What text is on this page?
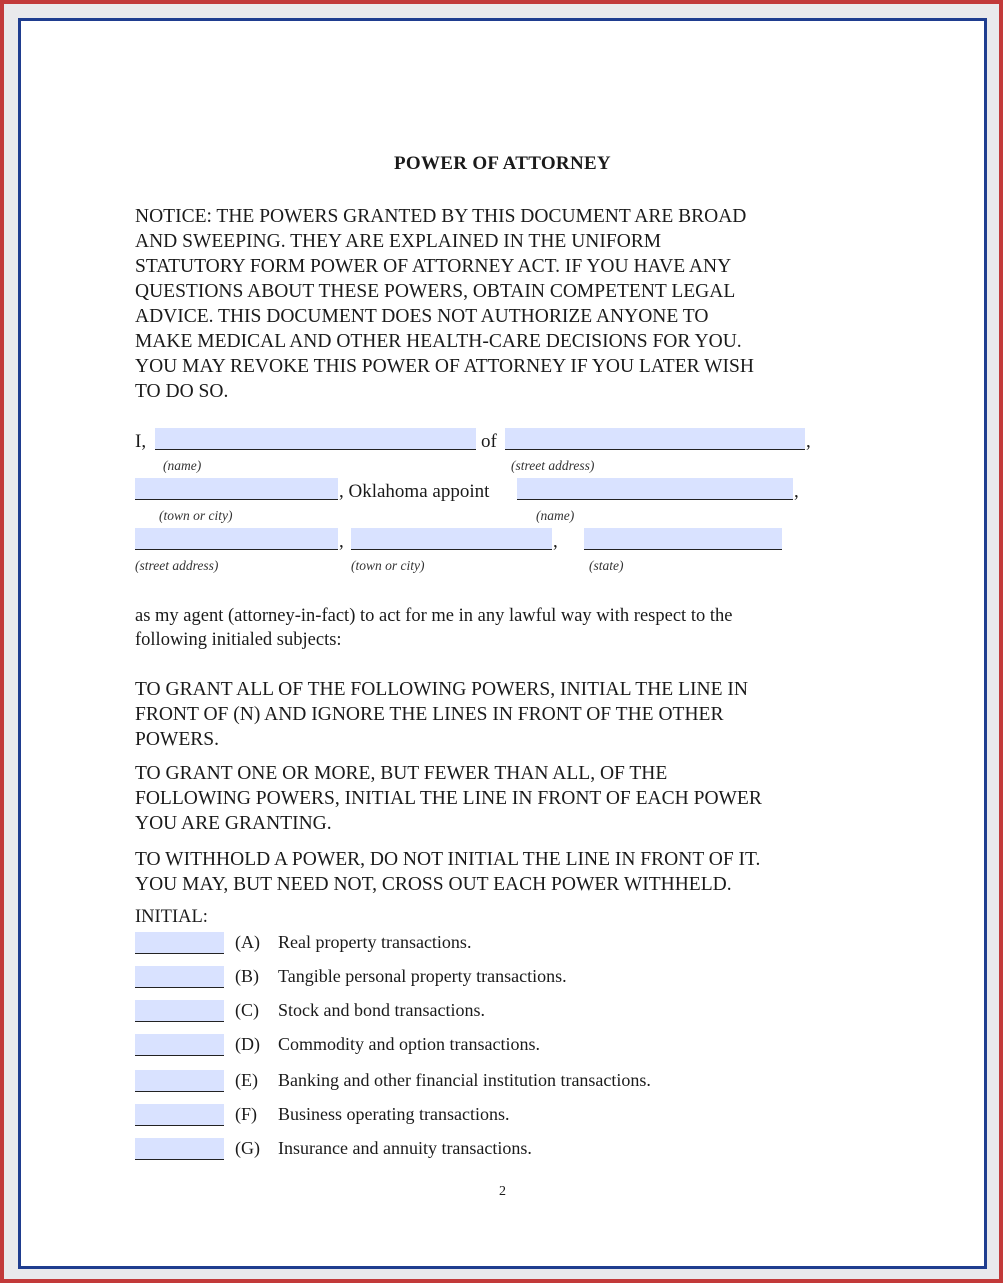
POWER OF ATTORNEY
NOTICE: THE POWERS GRANTED BY THIS DOCUMENT ARE BROAD
AND SWEEPING. THEY ARE EXPLAINED IN THE UNIFORM
STATUTORY FORM POWER OF ATTORNEY ACT. IF YOU HAVE ANY
QUESTIONS ABOUT THESE POWERS, OBTAIN COMPETENT LEGAL
ADVICE. THIS DOCUMENT DOES NOT AUTHORIZE ANYONE TO
MAKE MEDICAL AND OTHER HEALTH-CARE DECISIONS FOR YOU.
YOU MAY REVOKE THIS POWER OF ATTORNEY IF YOU LATER WISH
TO DO SO.
I,	of	,
(name)	(street address)
, Oklahoma appoint	,
(town or city)	(name)
,	,
(street address)	(town or city)	(state)
as my agent (attorney-in-fact) to act for me in any lawful way with respect to the
following initialed subjects:
TO GRANT ALL OF THE FOLLOWING POWERS, INITIAL THE LINE IN
FRONT OF (N) AND IGNORE THE LINES IN FRONT OF THE OTHER
POWERS.
TO GRANT ONE OR MORE, BUT FEWER THAN ALL, OF THE
FOLLOWING POWERS, INITIAL THE LINE IN FRONT OF EACH POWER
YOU ARE GRANTING.
TO WITHHOLD A POWER, DO NOT INITIAL THE LINE IN FRONT OF IT.
YOU MAY, BUT NEED NOT, CROSS OUT EACH POWER WITHHELD.
INITIAL:
(A) Real property transactions.
(B) Tangible personal property transactions.
(C) Stock and bond transactions.
(D) Commodity and option transactions.
(E) Banking and other financial institution transactions.
(F) Business operating transactions.
(G) Insurance and annuity transactions.
2
